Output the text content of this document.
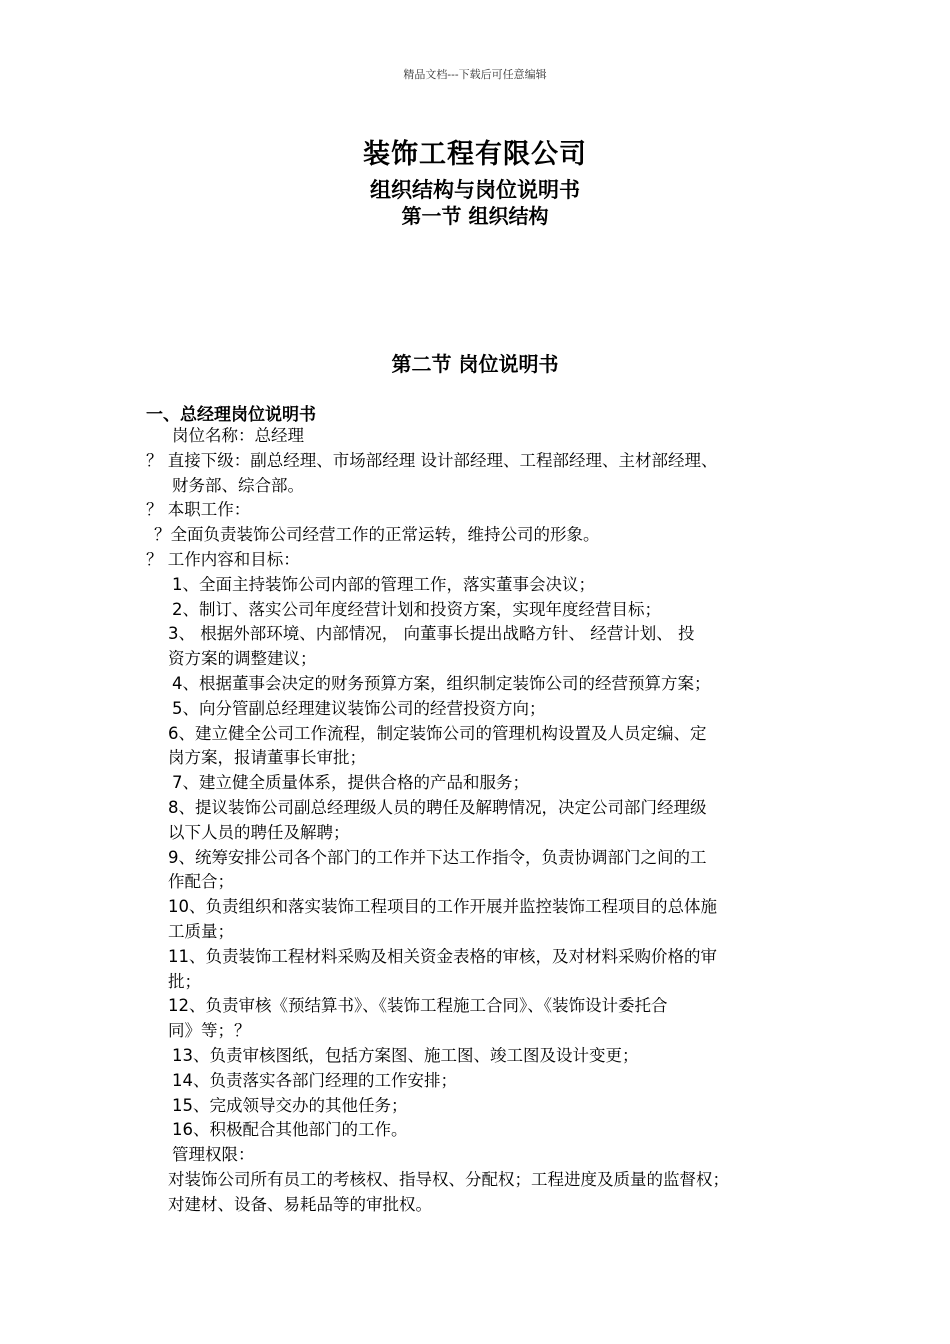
精品文档---下载后可任意编辑
装饰工程有限公司
组织结构与岗位说明书
第一节 组织结构
第二节 岗位说明书
一、总经理岗位说明书
岗位名称：总经理
？ 直接下级：副总经理、市场部经理 设计部经理、工程部经理、主材部经理、
财务部、综合部。
？ 本职工作：
？全面负责装饰公司经营工作的正常运转，维持公司的形象。
？ 工作内容和目标：
1、全面主持装饰公司内部的管理工作，落实董事会决议；
2、制订、落实公司年度经营计划和投资方案，实现年度经营目标；
3、 根据外部环境、内部情况， 向董事长提出战略方针、 经营计划、 投
资方案的调整建议；
4、根据董事会决定的财务预算方案，组织制定装饰公司的经营预算方案；
5、向分管副总经理建议装饰公司的经营投资方向；
6、建立健全公司工作流程，制定装饰公司的管理机构设置及人员定编、定
岗方案，报请董事长审批；
7、建立健全质量体系，提供合格的产品和服务；
8、提议装饰公司副总经理级人员的聘任及解聘情况，决定公司部门经理级
以下人员的聘任及解聘；
9、统筹安排公司各个部门的工作并下达工作指令，负责协调部门之间的工
作配合；
10、负责组织和落实装饰工程项目的工作开展并监控装饰工程项目的总体施
工质量；
11、负责装饰工程材料采购及相关资金表格的审核，及对材料采购价格的审
批；
12、负责审核《预结算书》、《装饰工程施工合同》、《装饰设计委托合
同》等；？
13、负责审核图纸，包括方案图、施工图、竣工图及设计变更；
14、负责落实各部门经理的工作安排；
15、完成领导交办的其他任务；
16、积极配合其他部门的工作。
管理权限：
对装饰公司所有员工的考核权、指导权、分配权；工程进度及质量的监督权；
对建材、设备、易耗品等的审批权。
